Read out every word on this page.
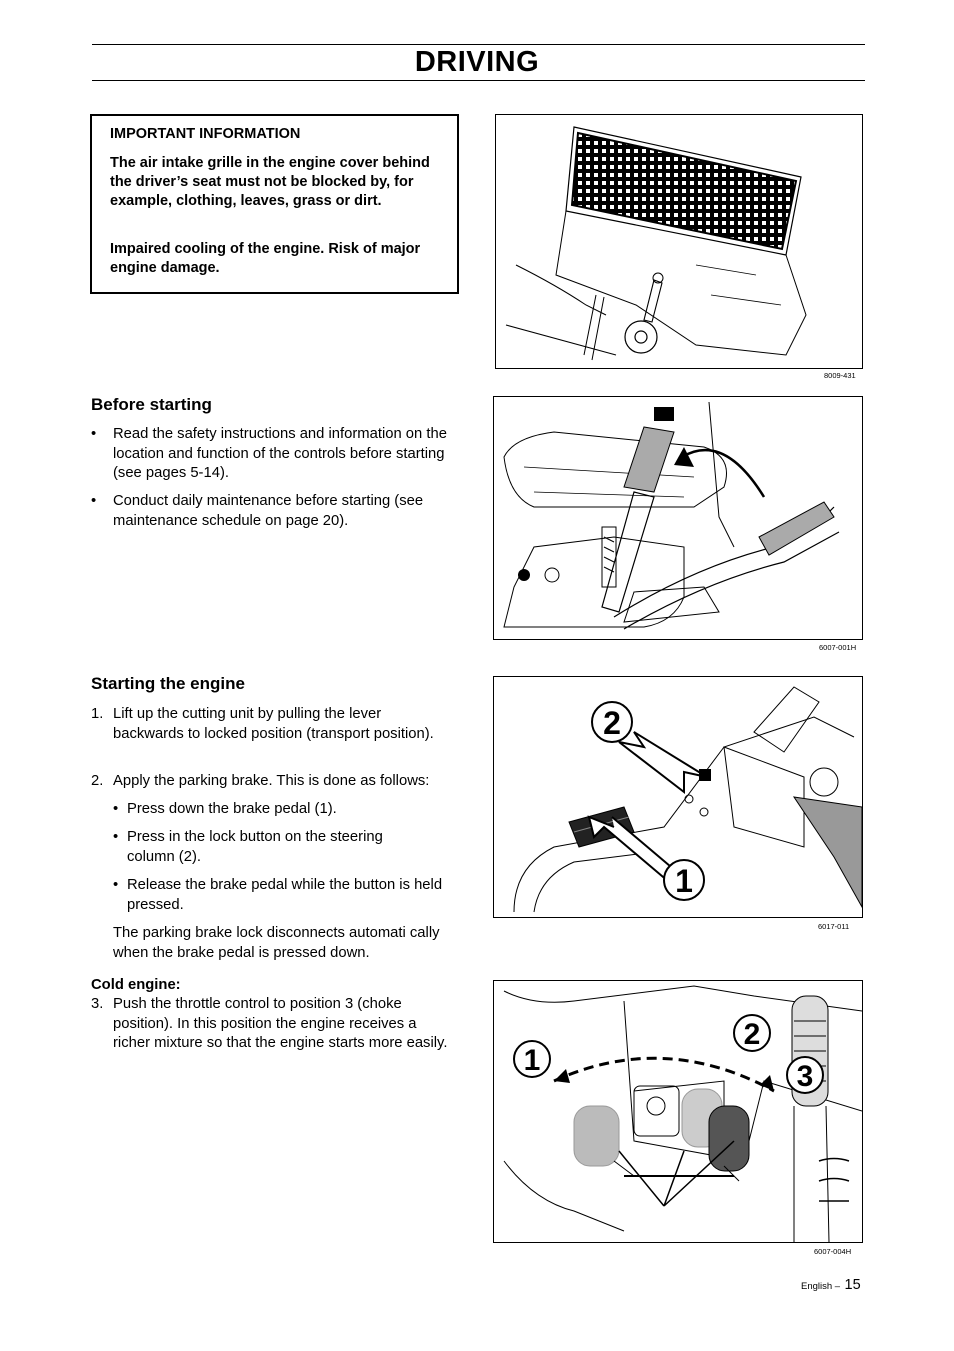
DRIVING

IMPORTANT INFORMATION

The air intake grille in the engine cover behind the driver’s seat must not be blocked by, for example, clothing, leaves, grass or dirt.

Impaired cooling of the engine. Risk of major engine damage.

8009-431
Before starting
• Read the safety instructions and information on the location and function of the controls before starting (see pages 5-14).
• Conduct daily maintenance before starting (see maintenance schedule on page 20).
6007-001H
Starting the engine
1. Lift up the cutting unit by pulling the lever backwards to locked position (transport position).
2. Apply the parking brake. This is done as follows:
• Press down the brake pedal (1).
• Press in the lock button on the steering column (2).
• Release the brake pedal while the button is held pressed.
The parking brake lock disconnects automati cally when the brake pedal is pressed down.
Cold engine:
3. Push the throttle control to position 3 (choke position). In this position the engine receives a richer mixture so that the engine starts more easily.
2
1
6017-011
1
2
3
6007-004H
English – 15
